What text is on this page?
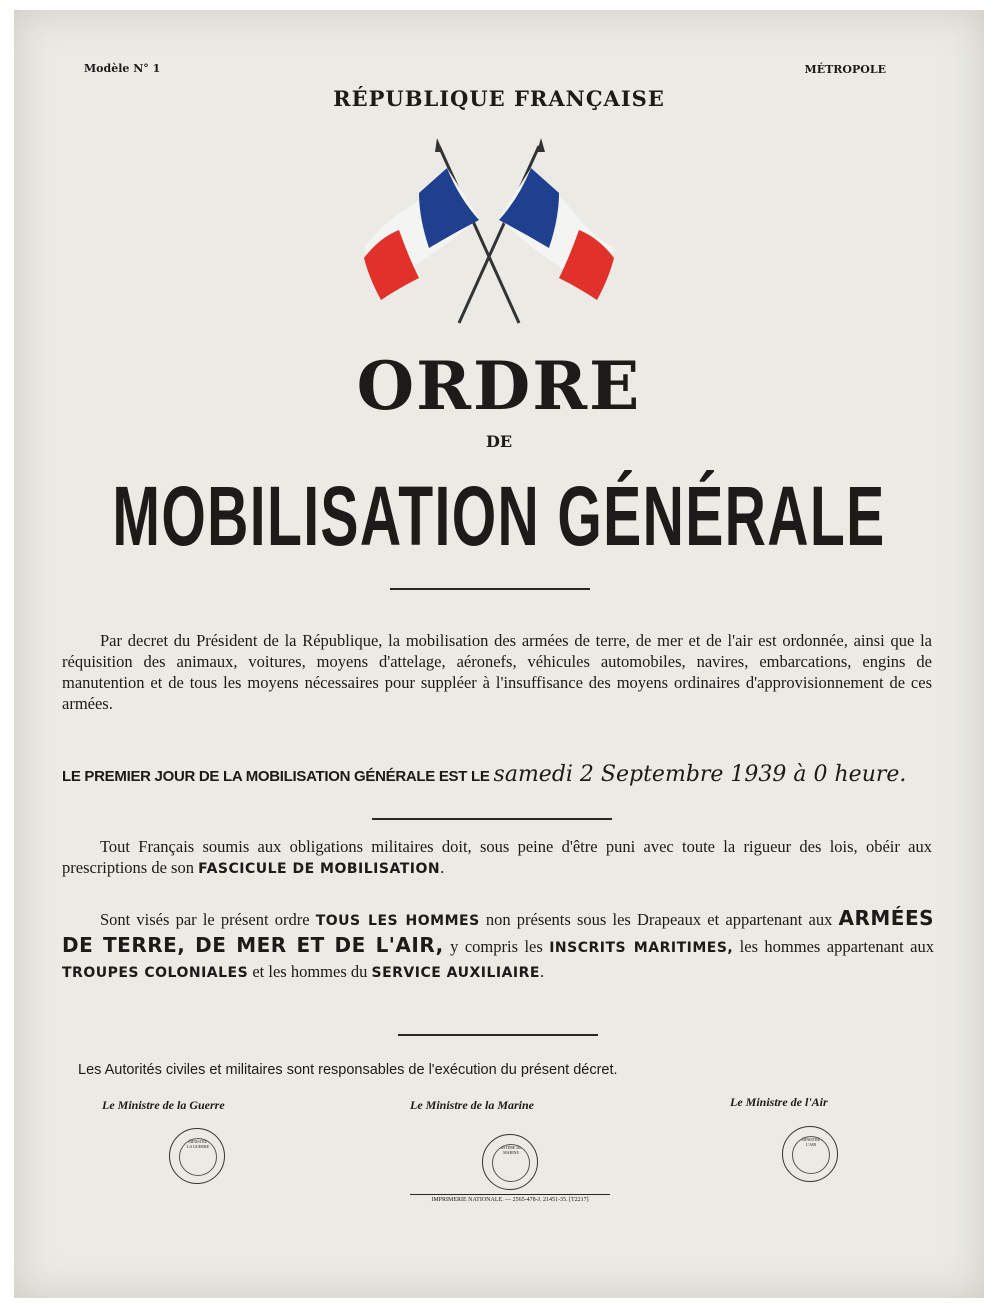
Modèle N° 1	MÉTROPOLE
RÉPUBLIQUE FRANÇAISE
ORDRE
DE
MOBILISATION GÉNÉRALE
Par decret du Président de la République, la mobilisation des armées de terre, de mer et de l'air est ordonnée, ainsi que la réquisition des animaux, voitures, moyens d'attelage, aéronefs, véhicules automobiles, navires, embarcations, engins de manutention et de tous les moyens nécessaires pour suppléer à l'insuffisance des moyens ordinaires d'approvisionnement de ces armées.
LE PREMIER JOUR DE LA MOBILISATION GÉNÉRALE EST LE samedi 2 Septembre 1939 à 0 heure.
Tout Français soumis aux obligations militaires doit, sous peine d'être puni avec toute la rigueur des lois, obéir aux prescriptions de son FASCICULE DE MOBILISATION.
Sont visés par le présent ordre TOUS LES HOMMES non présents sous les Drapeaux et appartenant aux ARMÉES DE TERRE, DE MER ET DE L'AIR, y compris les INSCRITS MARITIMES, les hommes appartenant aux TROUPES COLONIALES et les hommes du SERVICE AUXILIAIRE.
Les Autorités civiles et militaires sont responsables de l'exécution du présent décret.
Le Ministre de la Guerre	Le Ministre de la Marine	Le Ministre de l'Air
LE MINISTRE DE LA GUERRE	MINISTÈRE DE LA MARINE
LE MINISTRE DE L'AIR
IMPRIMERIE NATIONALE. — 2565-478-J. 21451-35. [T2217]
